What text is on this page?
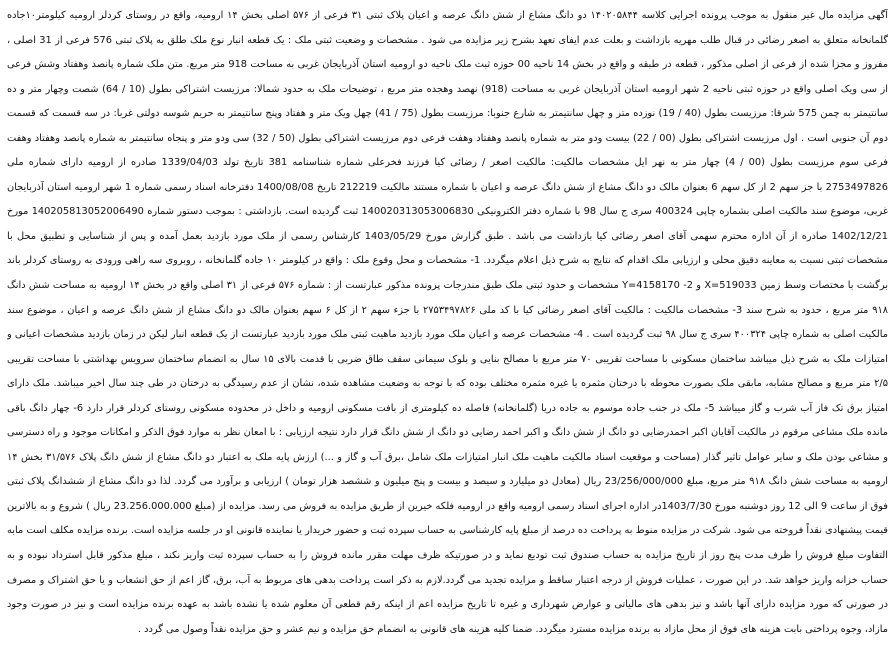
آگهی مزایده مال غیر منقول به موجب پرونده اجرایی کلاسه ۱۴۰۲۰۵۸۴۴ دو دانگ مشاع از شش دانگ عرصه و اعیان پلاک ثبتی ۳۱ فرعی از ۵۷۶ اصلی بخش ۱۴ ارومیه، واقع در روستای کردلر ارومیه کیلومتر۱۰جاده گلمانخانه متعلق به اصغر رضائی در قبال طلب مهریه بازداشت و بعلت عدم ایفای تعهد بشرح زیر مزایده می شود . مشخصات و وضعیت ثبتی ملک : یک قطعه انبار نوع ملک طلق به پلاک ثبتی 576 فرعی از 31 اصلی ، مفروز و مجزا شده از فرعی از اصلی مذکور ، قطعه در طبقه و واقع در بخش 14 ناحیه 00 حوزه ثبت ملک ناحیه دو ارومیه استان آذربایجان غربی به مساحت 918 متر مربع. متن ملک شماره پانصد وهفتاد وشش فرعی از سی ویک اصلی واقع در حوزه ثبتی ناحیه 2 شهر ارومیه استان آذربایجان غربی به مساحت (918) نهصد وهجده متر مربع ، توضیحات ملک به حدود شمالا: مرزیست اشتراکی بطول (10 / 64) شصت وچهار متر و ده سانتیمتر به چمن 575 شرقا: مرزیست بطول (40 / 19) نوزده متر و چهل سانتیمتر به شارع جنوبا: مرزیست بطول (75 / 41) چهل ویک متر و هفتاد وپنج سانتیمتر به حریم شوسه دولتی غربا: در سه قسمت که قسمت دوم آن جنوبی است . اول مرزیست اشتراکی بطول (00 / 22) بیست ودو متر به شماره پانصد وهفتاد وهفت فرعی دوم مرزیست اشتراکی بطول (50 / 32) سی ودو متر و پنجاه سانتیمتر به شماره پانصد وهفتاد وهفت فرعی سوم مرزیست بطول (00 / 4) چهار متر به نهر ایل مشخصات مالکیت: مالکیت اصغر / رضائی کیا فرزند فخرعلی شماره شناسنامه 381 تاریخ تولد 1339/04/03 صادره از ارومیه دارای شماره ملی 2753497826 با جز سهم 2 از کل سهم 6 بعنوان مالک دو دانگ مشاع از شش دانگ عرصه و اعیان با شماره مستند مالکیت 212219 تاریخ 1400/08/08 دفترخانه اسناد رسمی شماره 1 شهر ارومیه استان آذربایجان غربی، موضوع سند مالکیت اصلی بشماره چاپی 400324 سری ج سال 98 با شماره دفتر الکترونیکی 140020313053006830 ثبت گردیده است. بازداشتی : بموجب دستور شماره 140205813052006490 مورخ 1402/12/21 صادره از آن اداره محترم سهمی آقای اصغر رضائی کیا بازداشت می باشد . طبق گزارش مورخ 1403/05/29 کارشناس رسمی از ملک مورد بازدید بعمل آمده و پس از شناسایی و تطبیق محل با مشخصات ثبتی نسبت به معاینه دقیق محلی و ارزیابی ملک اقدام که نتایج به شرح ذیل اعلام میگردد. 1- مشخصات و محل وقوع ملک : واقع در کیلومتر ۱۰ جاده گلمانخانه ، روبروی سه راهی ورودی به روستای کردلر باند برگشت با مختصات وسط زمین X=519033 و Y=4158170 -2 مشخصات و حدود ثبتی ملک طبق مندرجات پرونده مذکور عبارتست از : شماره ۵۷۶ فرعی از ۳۱ اصلی واقع در بخش ۱۴ ارومیه به مساحت شش دانگ ۹۱۸ متر مربع ، حدود به شرح سند 3- مشخصات مالکیت : مالکیت آقای اصغر رضائی کیا با کد ملی ۲۷۵۳۴۹۷۸۲۶ با جزء سهم ۲ از کل ۶ سهم بعنوان مالک دو دانگ مشاع از شش دانگ عرصه و اعیان ، موضوع سند مالکیت اصلی به شماره چاپی ۴۰۰۳۲۴ سری ج سال ۹۸ ثبت گردیده است . 4- مشخصات عرصه و اعیان ملک مورد بازدید ماهیت ثبتی ملک مورد بازدید عبارتست از یک قطعه انبار لیکن در زمان بازدید مشخصات اعیانی و امتیازات ملک به شرح ذیل میباشد ساختمان مسکونی با مساحت تقریبی ۷۰ متر مربع با مصالح بنایی و بلوک سیمانی سقف طاق ضربی با قدمت بالای ۱۵ سال به انضمام ساختمان سرویس بهداشتی با مساحت تقریبی ۲/۵ متر مربع و مصالح مشابه، مابقی ملک بصورت محوطه با درختان مثمره یا غیره مثمره مختلف بوده که با توجه به وضعیت مشاهده شده، نشان از عدم رسیدگی به درختان در طی چند سال اخیر میباشد. ملک دارای امتیاز برق تک فاز آب شرب و گاز میباشد 5- ملک در جنب جاده موسوم به جاده دریا (گلمانخانه) فاصله ده کیلومتری از بافت مسکونی ارومیه و داخل در محدوده مسکونی روستای کردلر قرار دارد 6- چهار دانگ باقی مانده ملک مشاعی مرقوم در مالکیت آقایان اکبر احمدرضایی دو دانگ از شش دانگ و اکبر احمد رضایی دو دانگ از شش دانگ قرار دارد نتیجه ارزیابی : با امعان نظر به موارد فوق الذکر و امکانات موجود و راه دسترسی و مشاعی بودن ملک و سایر عوامل تاثیر گذار (مساحت و موقعیت اسناد مالکیت ماهیت ملک انبار امتیازات ملک شامل ،برق آب و گاز و ...) ارزش پایه ملک به اعتبار دو دانگ مشاع از شش دانگ پلاک ۳۱/۵۷۶ بخش ۱۴ ارومیه به مساحت شش دانگ ۹۱۸ متر مربع، مبلغ 23/256/000/000 ریال (معادل دو میلیارد و سیصد و بیست و پنج میلیون و ششصد هزار تومان ) ارزیابی و برآورد می گردد. لذا دو دانگ مشاع از ششدانگ پلاک ثبتی فوق از ساعت 9 الی 12 روز دوشنبه مورخ 1403/7/30در اداره اجرای اسناد رسمی ارومیه واقع در ارومیه فلکه خیرین از طریق مزایده به فروش می رسد. مزایده از (مبلغ 23.256.000.000 ریال ) شروع و به بالاترین قیمت پیشنهادی نقداً فروخته می شود. شرکت در مزایده منوط به پرداخت ده درصد از مبلغ پایه کارشناسی به حساب سپرده ثبت و حضور خریدار یا نماینده قانونی او در جلسه مزایده است. برنده مزایده مکلف است مابه التفاوت مبلغ فروش را ظرف مدت پنج روز از تاریخ مزایده به حساب صندوق ثبت تودیع نماید و در صورتیکه ظرف مهلت مقرر مانده فروش را به حساب سپرده ثبت واریز نکند ، مبلغ مذکور قابل استرداد نبوده و به حساب خزانه واریز خواهد شد. در این صورت ، عملیات فروش از درجه اعتبار ساقط و مزایده تجدید می گردد.لازم به ذکر است پرداخت بدهی های مربوط به آب، برق، گاز اعم از حق انشعاب و یا حق اشتراک و مصرف در صورتی که مورد مزایده دارای آنها باشد و نیز بدهی های مالیاتی و عوارض شهرداری و غیره تا تاریخ مزایده اعم از اینکه رقم قطعی آن معلوم شده یا نشده باشد به عهده برنده مزایده است و نیز در صورت وجود مازاد، وجوه پرداختی بابت هزینه های فوق از محل مازاد به برنده مزایده مسترد میگردد. ضمنا کلیه هزینه های قانونی به انضمام حق مزایده و نیم عشر و حق مزایده نقداً وصول می گردد .
